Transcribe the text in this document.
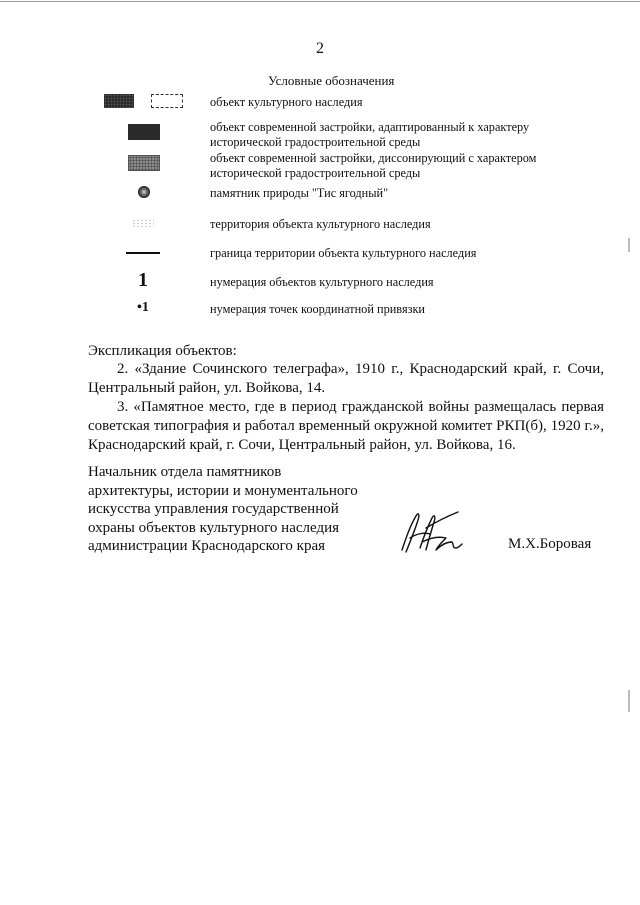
2
Условные обозначения
объект культурного наследия
объект современной застройки, адаптированный к характеру исторической градостроительной среды
объект современной застройки, диссонирующий с характером исторической градостроительной среды
памятник природы "Тис ягодный"
территория объекта культурного наследия
граница территории объекта культурного наследия
1	нумерация объектов культурного наследия
•1	нумерация точек координатной привязки
Экспликация объектов:

2. «Здание Сочинского телеграфа», 1910 г., Краснодарский край, г. Сочи, Центральный район, ул. Войкова, 14.

3. «Памятное место, где в период гражданской войны размещалась первая советская типография и работал временный окружной комитет РКП(б), 1920 г.», Краснодарский край, г. Сочи, Центральный район, ул. Войкова, 16.

Начальник отдела памятников
архитектуры, истории и монументального
искусства управления государственной
охраны объектов культурного наследия
администрации Краснодарского края	М.Х.Боровая
